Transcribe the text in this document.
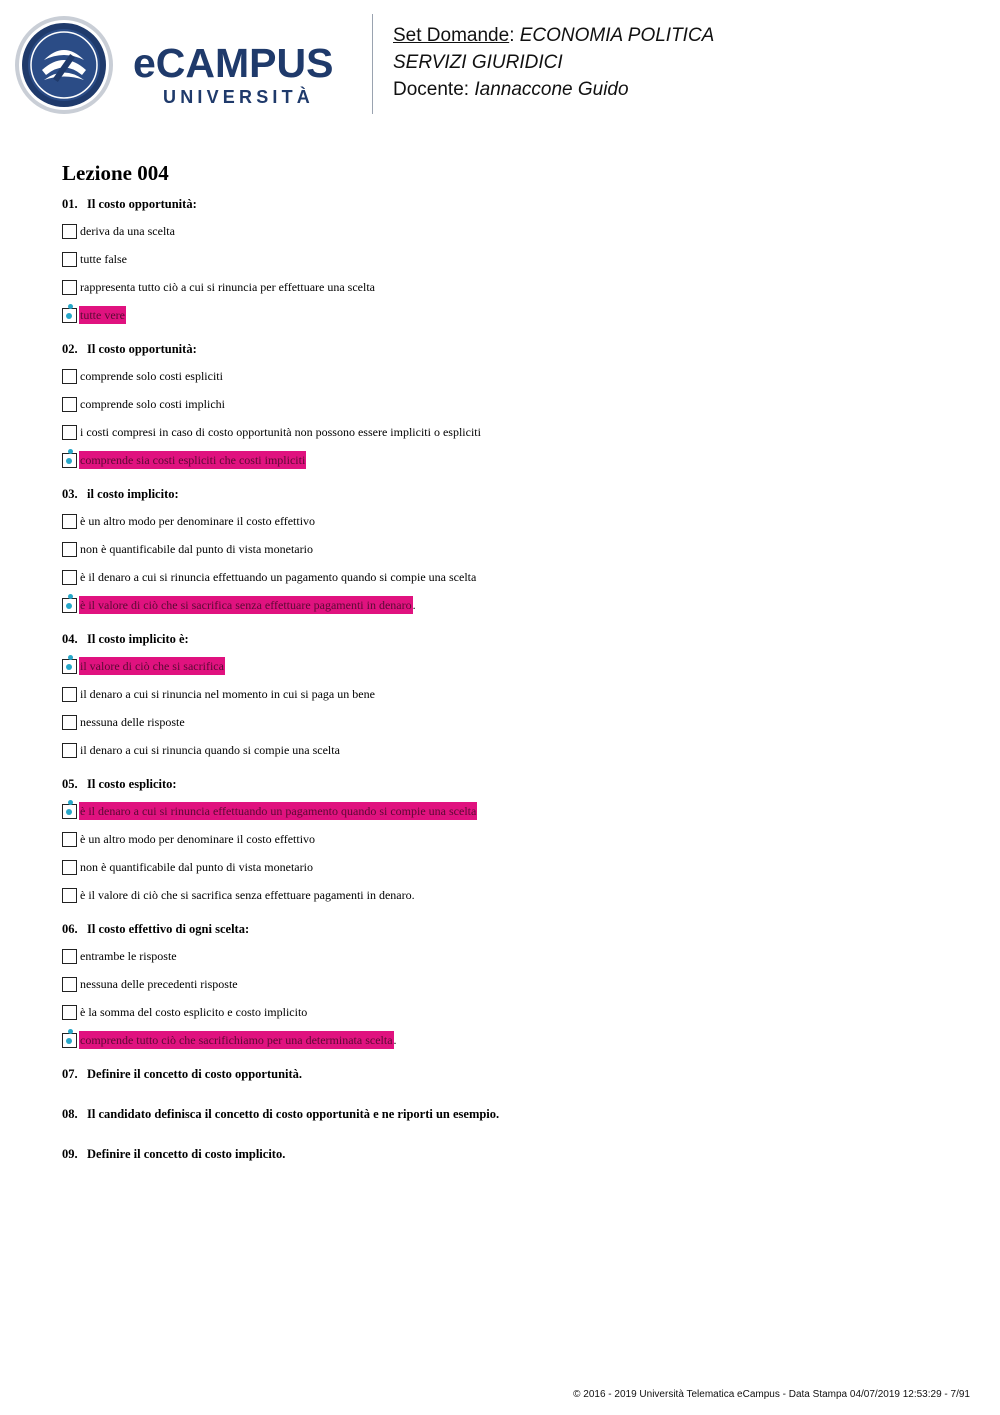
eCAMPUS
UNIVERSITÀ
Set Domande: ECONOMIA POLITICA
SERVIZI GIURIDICI
Docente: Iannaccone Guido
Lezione 004
01. Il costo opportunità:
deriva da una scelta
tutte false
rappresenta tutto ciò a cui si rinuncia per effettuare una scelta
tutte vere
02. Il costo opportunità:
comprende solo costi espliciti
comprende solo costi implichi
i costi compresi in caso di costo opportunità non possono essere impliciti o espliciti
comprende sia costi espliciti che costi impliciti
03. il costo implicito:
è un altro modo per denominare il costo effettivo
non è quantificabile dal punto di vista monetario
è il denaro a cui si rinuncia effettuando un pagamento quando si compie una scelta
è il valore di ciò che si sacrifica senza effettuare pagamenti in denaro .
04. Il costo implicito è:
il valore di ciò che si sacrifica
il denaro a cui si rinuncia nel momento in cui si paga un bene
nessuna delle risposte
il denaro a cui si rinuncia quando si compie una scelta
05. Il costo esplicito:
è il denaro a cui si rinuncia effettuando un pagamento quando si compie una scelta
è un altro modo per denominare il costo effettivo
non è quantificabile dal punto di vista monetario
è il valore di ciò che si sacrifica senza effettuare pagamenti in denaro.
06. Il costo effettivo di ogni scelta:
entrambe le risposte
nessuna delle precedenti risposte
è la somma del costo esplicito e costo implicito
comprende tutto ciò che sacrifichiamo per una determinata scelta .
07. Definire il concetto di costo opportunità.
08. Il candidato definisca il concetto di costo opportunità e ne riporti un esempio.
09. Definire il concetto di costo implicito.
© 2016 - 2019 Università Telematica eCampus - Data Stampa 04/07/2019 12:53:29 - 7/91
